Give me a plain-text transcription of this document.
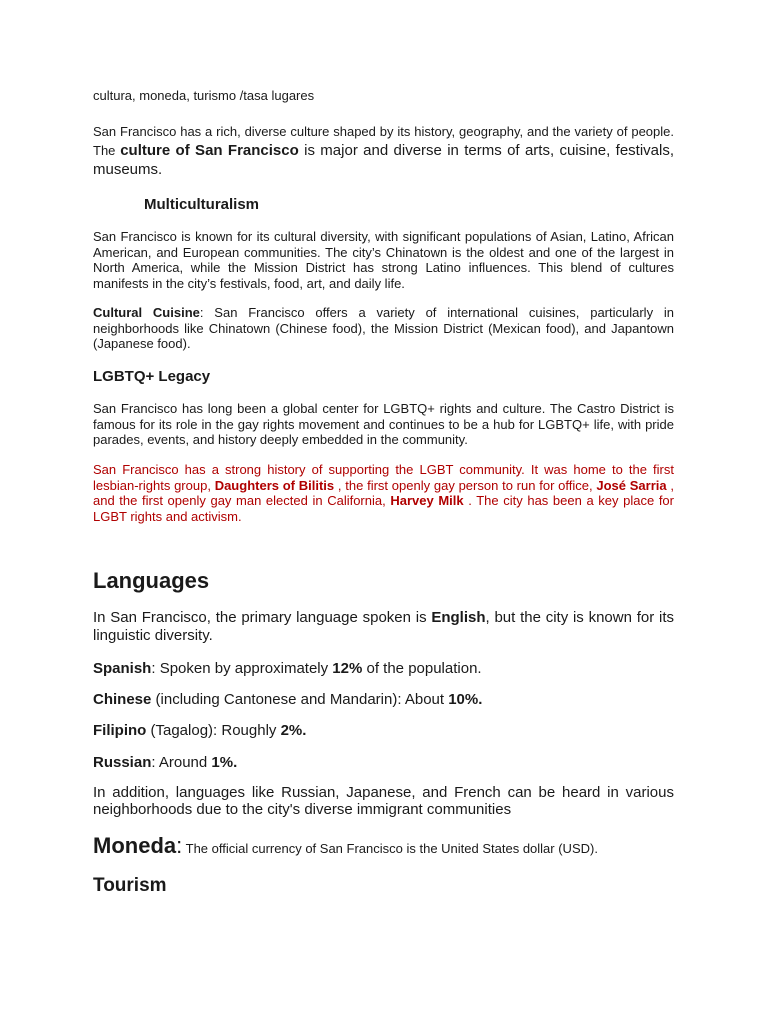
cultura, moneda, turismo /tasa lugares

San Francisco has a rich, diverse culture shaped by its history, geography, and the variety of people. The culture of San Francisco is major and diverse in terms of arts, cuisine, festivals, museums.

Multiculturalism

San Francisco is known for its cultural diversity, with significant populations of Asian, Latino, African American, and European communities. The city’s Chinatown is the oldest and one of the largest in North America, while the Mission District has strong Latino influences. This blend of cultures manifests in the city’s festivals, food, art, and daily life.

Cultural Cuisine: San Francisco offers a variety of international cuisines, particularly in neighborhoods like Chinatown (Chinese food), the Mission District (Mexican food), and Japantown (Japanese food).

LGBTQ+ Legacy

San Francisco has long been a global center for LGBTQ+ rights and culture. The Castro District is famous for its role in the gay rights movement and continues to be a hub for LGBTQ+ life, with pride parades, events, and history deeply embedded in the community.

San Francisco has a strong history of supporting the LGBT community. It was home to the first lesbian-rights group, Daughters of Bilitis , the first openly gay person to run for office, José Sarria , and the first openly gay man elected in California, Harvey Milk . The city has been a key place for LGBT rights and activism.

Languages

In San Francisco, the primary language spoken is English, but the city is known for its linguistic diversity.

Spanish: Spoken by approximately 12% of the population.

Chinese (including Cantonese and Mandarin): About 10%.

Filipino (Tagalog): Roughly 2%.

Russian: Around 1%.

In addition, languages like Russian, Japanese, and French can be heard in various neighborhoods due to the city's diverse immigrant communities

Moneda: The official currency of San Francisco is the United States dollar (USD).

Tourism
